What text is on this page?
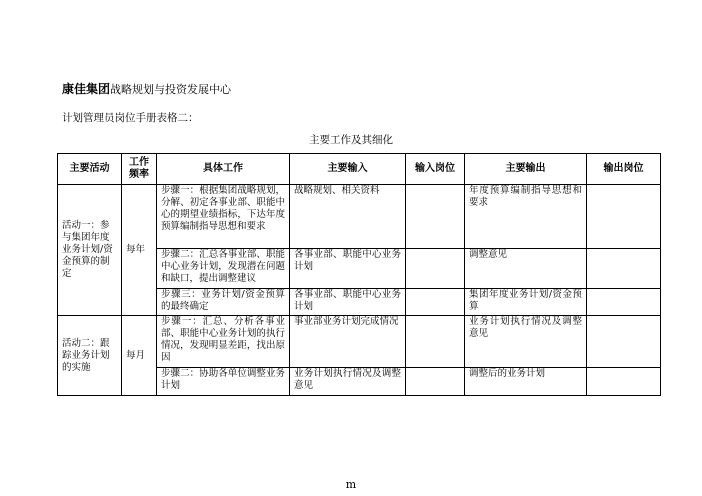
康佳集团战略规划与投资发展中心
计划管理员岗位手册表格二：
主要工作及其细化
主要活动	工作频率	具体工作	主要输入	输入岗位	主要输出	输出岗位
活动一：参与集团年度业务计划/资金预算的制定	每年	步骤一：根据集团战略规划，分解、初定各事业部、职能中心的期望业绩指标，下达年度预算编制指导思想和要求	战略规划、相关资料		年度预算编制指导思想和要求	
		步骤二：汇总各事业部、职能中心业务计划，发现潜在问题和缺口，提出调整建议	各事业部、职能中心业务计划		调整意见	
		步骤三：业务计划/资金预算的最终确定	各事业部、职能中心业务计划		集团年度业务计划/资金预算	
活动二：跟踪业务计划的实施	每月	步骤一：汇总、分析各事业部、职能中心业务计划的执行情况，发现明显差距，找出原因	事业部业务计划完成情况		业务计划执行情况及调整意见	
		步骤二：协助各单位调整业务计划	业务计划执行情况及调整意见		调整后的业务计划	
m
